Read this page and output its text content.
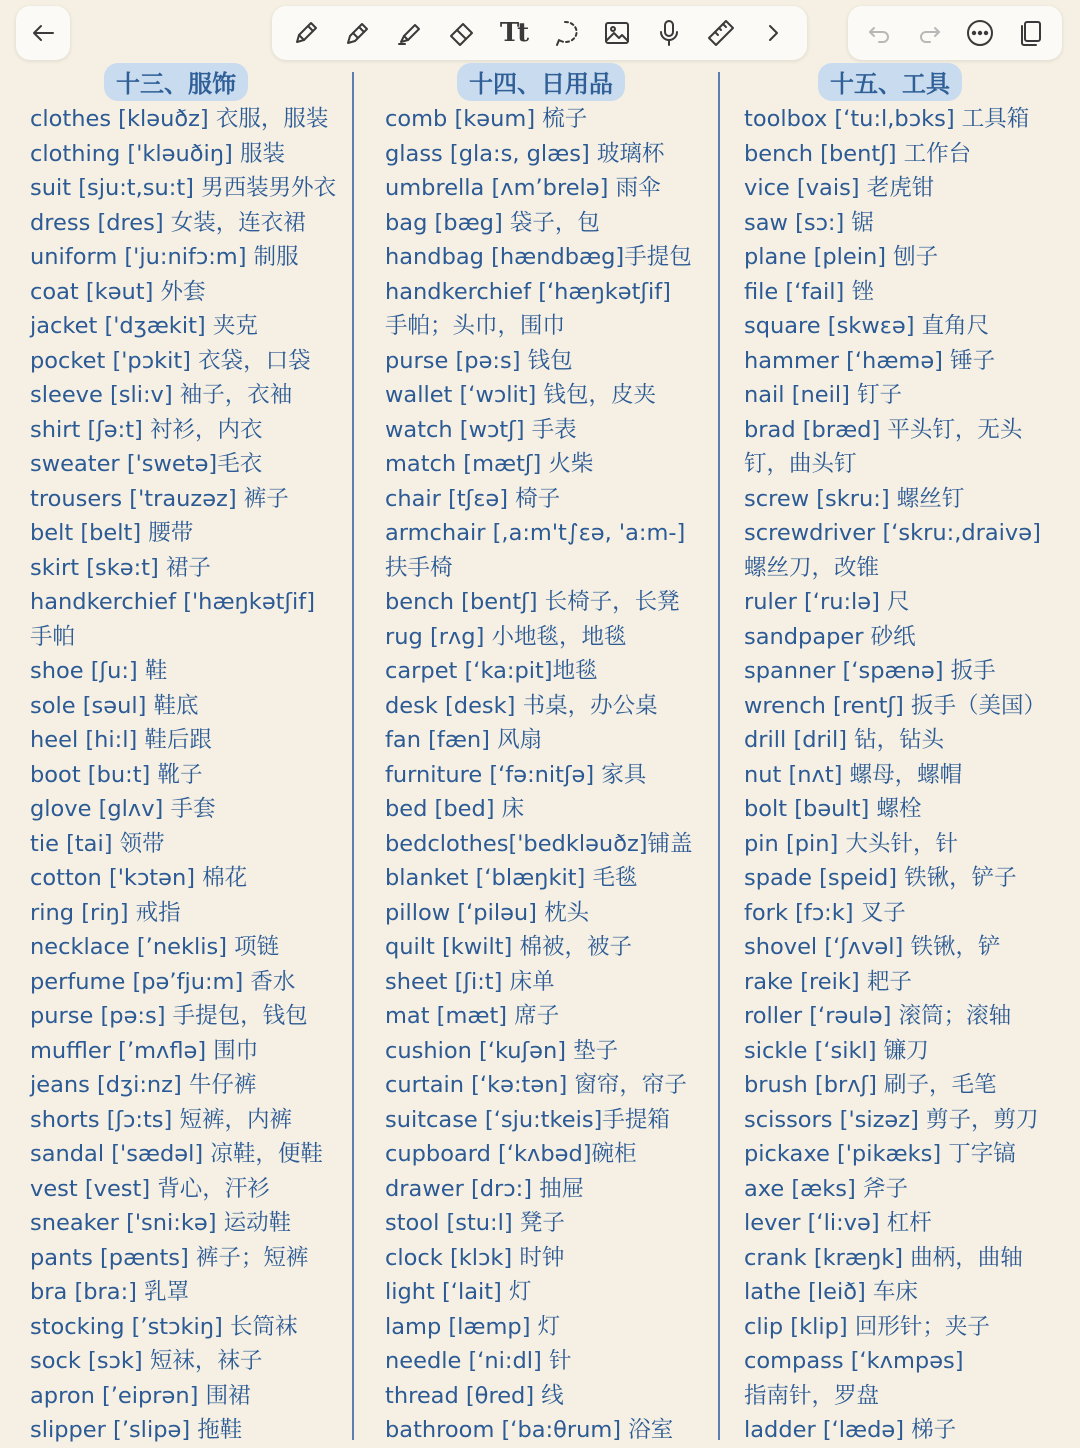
Tt
十三、服饰
clothes [kləuðz] 衣服，服装
clothing ['kləuðiŋ] 服装
suit [sju:t,su:t] 男西装男外衣
dress [dres] 女装，连衣裙
uniform ['ju:nifɔ:m] 制服
coat [kəut] 外套
jacket ['dʒækit] 夹克
pocket ['pɔkit] 衣袋，口袋
sleeve [sli:v] 袖子，衣袖
shirt [ʃə:t] 衬衫，内衣
sweater ['swetə]毛衣
trousers ['trauzəz] 裤子
belt [belt] 腰带
skirt [skə:t] 裙子
handkerchief ['hæŋkətʃif]
手帕
shoe [ʃu:] 鞋
sole [səul] 鞋底
heel [hi:l] 鞋后跟
boot [bu:t] 靴子
glove [glʌv] 手套
tie [tai] 领带
cotton ['kɔtən] 棉花
ring [riŋ] 戒指
necklace [’neklis] 项链
perfume [pə’fju:m] 香水
purse [pə:s] 手提包，钱包
muffler [’mʌflə] 围巾
jeans [dʒi:nz] 牛仔裤
shorts [ʃɔ:ts] 短裤，内裤
sandal ['sædəl] 凉鞋，便鞋
vest [vest] 背心，汗衫
sneaker ['sni:kə] 运动鞋
pants [pænts] 裤子；短裤
bra [bra:] 乳罩
stocking [’stɔkiŋ] 长筒袜
sock [sɔk] 短袜，袜子
apron [’eiprən] 围裙
slipper [’slipə] 拖鞋
十四、日用品
comb [kəum] 梳子
glass [gla:s, glæs] 玻璃杯
umbrella [ʌm’brelə] 雨伞
bag [bæg] 袋子，包
handbag [hændbæg]手提包
handkerchief [‘hæŋkətʃif]
手帕；头巾，围巾
purse [pə:s] 钱包
wallet [‘wɔlit] 钱包，皮夹
watch [wɔtʃ] 手表
match [mætʃ] 火柴
chair [tʃɛə] 椅子
armchair [,a:m't∫εə, 'a:m-]
扶手椅
bench [bentʃ] 长椅子，长凳
rug [rʌg] 小地毯，地毯
carpet [‘ka:pit]地毯
desk [desk] 书桌，办公桌
fan [fæn] 风扇
furniture [‘fə:nitʃə] 家具
bed [bed] 床
bedclothes['bedkləuðz]铺盖
blanket [‘blæŋkit] 毛毯
pillow [‘piləu] 枕头
quilt [kwilt] 棉被，被子
sheet [ʃi:t] 床单
mat [mæt] 席子
cushion [‘kuʃən] 垫子
curtain [‘kə:tən] 窗帘，帘子
suitcase [‘sju:tkeis]手提箱
cupboard [‘kʌbəd]碗柜
drawer [drɔ:] 抽屉
stool [stu:l] 凳子
clock [klɔk] 时钟
light [‘lait] 灯
lamp [læmp] 灯
needle [‘ni:dl] 针
thread [θred] 线
bathroom [‘ba:θrum] 浴室
十五、工具
toolbox [‘tu:l,bɔks] 工具箱
bench [bentʃ] 工作台
vice [vais] 老虎钳
saw [sɔ:] 锯
plane [plein] 刨子
file [‘fail] 锉
square [skwεə] 直角尺
hammer [‘hæmə] 锤子
nail [neil] 钉子
brad [bræd] 平头钉，无头
钉，曲头钉
screw [skru:] 螺丝钉
screwdriver [‘skru:,draivə]
螺丝刀，改锥
ruler [‘ru:lə] 尺
sandpaper 砂纸
spanner [‘spænə] 扳手
wrench [rentʃ] 扳手（美国）
drill [dril] 钻，钻头
nut [nʌt] 螺母，螺帽
bolt [bəult] 螺栓
pin [pin] 大头针，针
spade [speid] 铁锹，铲子
fork [fɔ:k] 叉子
shovel [‘ʃʌvəl] 铁锹，铲
rake [reik] 耙子
roller [‘rəulə] 滚筒；滚轴
sickle [‘sikl] 镰刀
brush [brʌʃ] 刷子，毛笔
scissors ['sizəz] 剪子，剪刀
pickaxe ['pikæks] 丁字镐
axe [æks] 斧子
lever [‘li:və] 杠杆
crank [kræŋk] 曲柄，曲轴
lathe [leið] 车床
clip [klip] 回形针；夹子
compass [‘kʌmpəs]
指南针，罗盘
ladder [‘lædə] 梯子
